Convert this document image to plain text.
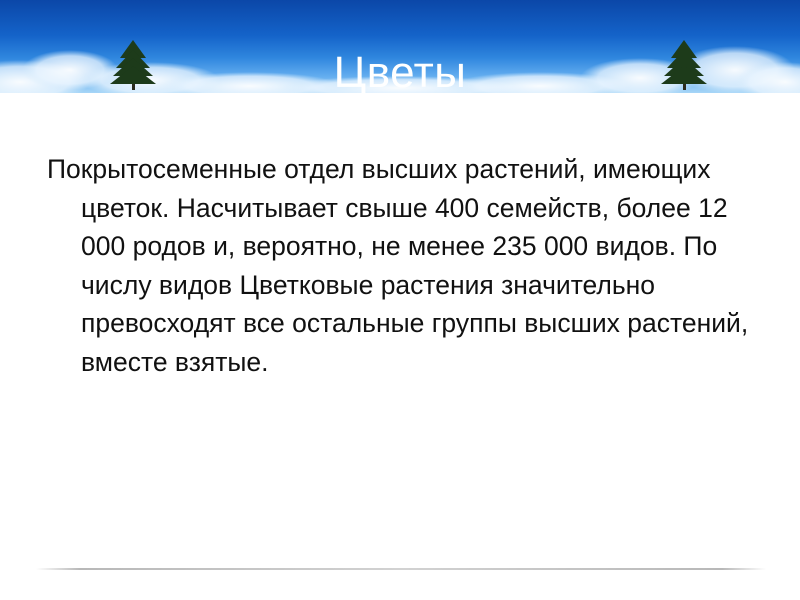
Цветы

Покрытосеменные отдел высших растений, имеющих цветок. Насчитывает свыше 400 семейств, более 12 000 родов и, вероятно, не менее 235 000 видов. По числу видов Цветковые растения значительно превосходят все остальные группы высших растений, вместе взятые.
